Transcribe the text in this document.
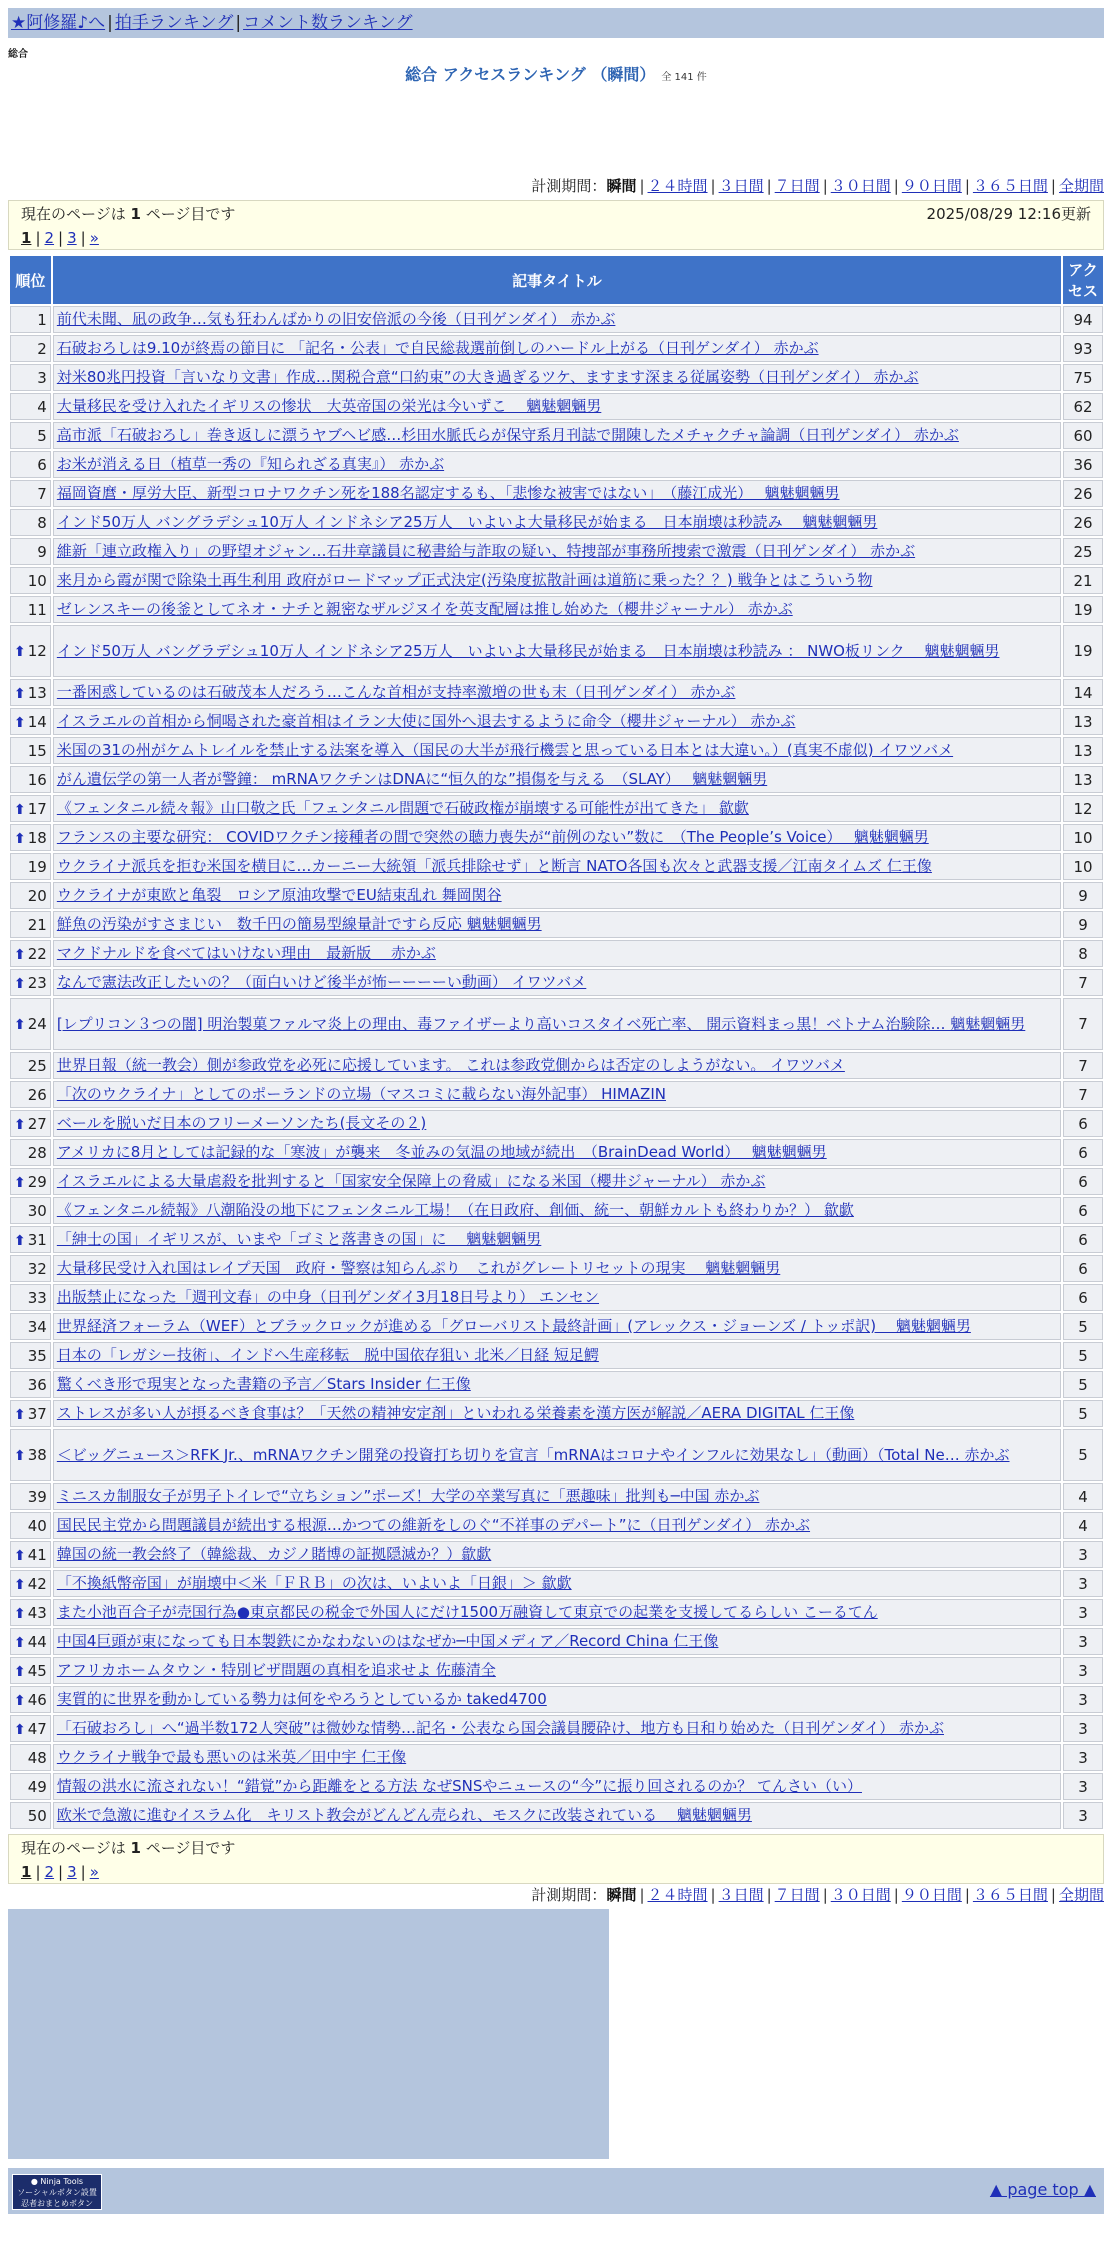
★阿修羅♪へ | 拍手ランキング | コメント数ランキング
総合
総合 アクセスランキング （瞬間） 全 141 件
計測期間：瞬間 | ２４時間 | ３日間 | ７日間 | ３０日間 | ９０日間 | ３６５日間 | 全期間
現在のページは 1 ページ目です	2025/08/29 12:16更新
1 | 2 | 3 | »
順位	記事タイトル	アクセス
1	前代未聞、凪の政争…気も狂わんばかりの旧安倍派の今後（日刊ゲンダイ） 赤かぶ	94
2	石破おろしは9.10が終焉の節目に 「記名・公表」で自民総裁選前倒しのハードル上がる（日刊ゲンダイ） 赤かぶ	93
3	対米80兆円投資「言いなり文書」作成…関税合意“口約束”の大き過ぎるツケ、ますます深まる従属姿勢（日刊ゲンダイ） 赤かぶ	75
4	大量移民を受け入れたイギリスの惨状　大英帝国の栄光は今いずこ　 魑魅魍魎男	62
5	高市派「石破おろし」巻き返しに漂うヤブヘビ感…杉田水脈氏らが保守系月刊誌で開陳したメチャクチャ論調（日刊ゲンダイ） 赤かぶ	60
6	お米が消える日（植草一秀の『知られざる真実』） 赤かぶ	36
7	福岡資麿・厚労大臣、新型コロナワクチン死を188名認定するも、「悲惨な被害ではない」　（藤江成光）　 魑魅魍魎男	26
8	インド50万人 バングラデシュ10万人 インドネシア25万人　いよいよ大量移民が始まる　日本崩壊は秒読み　 魑魅魍魎男	26
9	維新「連立政権入り」の野望オジャン…石井章議員に秘書給与詐取の疑い、特捜部が事務所捜索で激震（日刊ゲンダイ） 赤かぶ	25
10	来月から霞が関で除染土再生利用 政府がロードマップ正式決定(汚染度拡散計画は道筋に乗った？？) 戦争とはこういう物	21
11	ゼレンスキーの後釜としてネオ・ナチと親密なザルジヌイを英支配層は推し始めた（櫻井ジャーナル） 赤かぶ	19
⬆ 12	インド50万人 バングラデシュ10万人 インドネシア25万人　いよいよ大量移民が始まる　日本崩壊は秒読み ： NWO板リンク　 魑魅魍魎男	19
⬆ 13	一番困惑しているのは石破茂本人だろう…こんな首相が支持率激増の世も末（日刊ゲンダイ） 赤かぶ	14
⬆ 14	イスラエルの首相から恫喝された豪首相はイラン大使に国外へ退去するように命令（櫻井ジャーナル） 赤かぶ	13
15	米国の31の州がケムトレイルを禁止する法案を導入（国民の大半が飛行機雲と思っている日本とは大違い。）(真実不虚似) イワツバメ	13
16	がん遺伝学の第一人者が警鐘： mRNAワクチンはDNAに“恒久的な”損傷を与える　（SLAY）　 魑魅魍魎男	13
⬆ 17	《フェンタニル続々報》山口敬之氏「フェンタニル問題で石破政権が崩壊する可能性が出てきた」 歙歔	12
⬆ 18	フランスの主要な研究： COVIDワクチン接種者の間で突然の聴力喪失が“前例のない”数に　（The People’s Voice）　 魑魅魍魎男	10
19	ウクライナ派兵を拒む米国を横目に…カーニー大統領「派兵排除せず」と断言 NATO各国も次々と武器支援／江南タイムズ 仁王像	10
20	ウクライナが東欧と亀裂　ロシア原油攻撃でEU結束乱れ 舞岡関谷	9
21	鮮魚の汚染がすさまじい　数千円の簡易型線量計ですら反応 魑魅魍魎男	9
⬆ 22	マクドナルドを食べてはいけない理由　最新版　 赤かぶ	8
⬆ 23	なんで憲法改正したいの？（面白いけど後半が怖ーーーーい動画） イワツバメ	7
⬆ 24	[レプリコン３つの闇] 明治製菓ファルマ炎上の理由、毒ファイザーより高いコスタイベ死亡率、 開示資料まっ黒！ベトナム治験除… 魑魅魍魎男	7
25	世界日報（統一教会）側が参政党を必死に応援しています。 これは参政党側からは否定のしようがない。 イワツバメ	7
26	「次のウクライナ」としてのポーランドの立場（マスコミに載らない海外記事） HIMAZIN	7
⬆ 27	ベールを脱いだ日本のフリーメーソンたち(長文その２)	6
28	アメリカに8月としては記録的な「寒波」が襲来　冬並みの気温の地域が続出　（BrainDead World）　 魑魅魍魎男	6
⬆ 29	イスラエルによる大量虐殺を批判すると「国家安全保障上の脅威」になる米国（櫻井ジャーナル） 赤かぶ	6
30	《フェンタニル続報》八潮陥没の地下にフェンタニル工場！（在日政府、創価、統一、朝鮮カルトも終わりか？） 歙歔	6
⬆ 31	「紳士の国」イギリスが、いまや「ゴミと落書きの国」に　 魑魅魍魎男	6
32	大量移民受け入れ国はレイプ天国　政府・警察は知らんぷり　これがグレートリセットの現実　 魑魅魍魎男	6
33	出版禁止になった「週刊文春」の中身（日刊ゲンダイ3月18日号より） エンセン	6
34	世界経済フォーラム（WEF）とブラックロックが進める「グローバリスト最終計画」(アレックス・ジョーンズ / トッポ訳)　 魑魅魍魎男	5
35	日本の「レガシー技術」、インドへ生産移転　脱中国依存狙い 北米／日経 短足鰐	5
36	驚くべき形で現実となった書籍の予言／Stars Insider 仁王像	5
⬆ 37	ストレスが多い人が摂るべき食事は？「天然の精神安定剤」といわれる栄養素を漢方医が解説／AERA DIGITAL 仁王像	5
⬆ 38	＜ビッグニュース＞RFK Jr.、mRNAワクチン開発の投資打ち切りを宣言「mRNAはコロナやインフルに効果なし」（動画）（Total Ne… 赤かぶ	5
39	ミニスカ制服女子が男子トイレで“立ちション”ポーズ！大学の卒業写真に「悪趣味」批判も─中国 赤かぶ	4
40	国民民主党から問題議員が続出する根源…かつての維新をしのぐ“不祥事のデパート”に（日刊ゲンダイ） 赤かぶ	4
⬆ 41	韓国の統一教会終了（韓総裁、カジノ賭博の証拠隠滅か？）歙歔	3
⬆ 42	「不換紙幣帝国」が崩壊中＜米「ＦＲＢ」の次は、いよいよ「日銀」＞ 歙歔	3
⬆ 43	また小池百合子が売国行為●東京都民の税金で外国人にだけ1500万融資して東京での起業を支援してるらしい こーるてん	3
⬆ 44	中国4巨頭が束になっても日本製鉄にかなわないのはなぜか─中国メディア／Record China 仁王像	3
⬆ 45	アフリカホームタウン・特別ビザ問題の真相を追求せよ 佐藤清全	3
⬆ 46	実質的に世界を動かしている勢力は何をやろうとしているか taked4700	3
⬆ 47	「石破おろし」へ“過半数172人突破”は微妙な情勢…記名・公表なら国会議員腰砕け、地方も日和り始めた（日刊ゲンダイ） 赤かぶ	3
48	ウクライナ戦争で最も悪いのは米英／田中宇 仁王像	3
49	情報の洪水に流されない！“錯覚”から距離をとる方法 なぜSNSやニュースの“今”に振り回されるのか？ てんさい（い）	3
50	欧米で急激に進むイスラム化　キリスト教会がどんどん売られ、モスクに改装されている　 魑魅魍魎男	3
現在のページは 1 ページ目です
1 | 2 | 3 | »
計測期間：瞬間 | ２４時間 | ３日間 | ７日間 | ３０日間 | ９０日間 | ３６５日間 | 全期間
● Ninja Tools
ソーシャルボタン設置
忍者おまとめボタン
▲ page top ▲
